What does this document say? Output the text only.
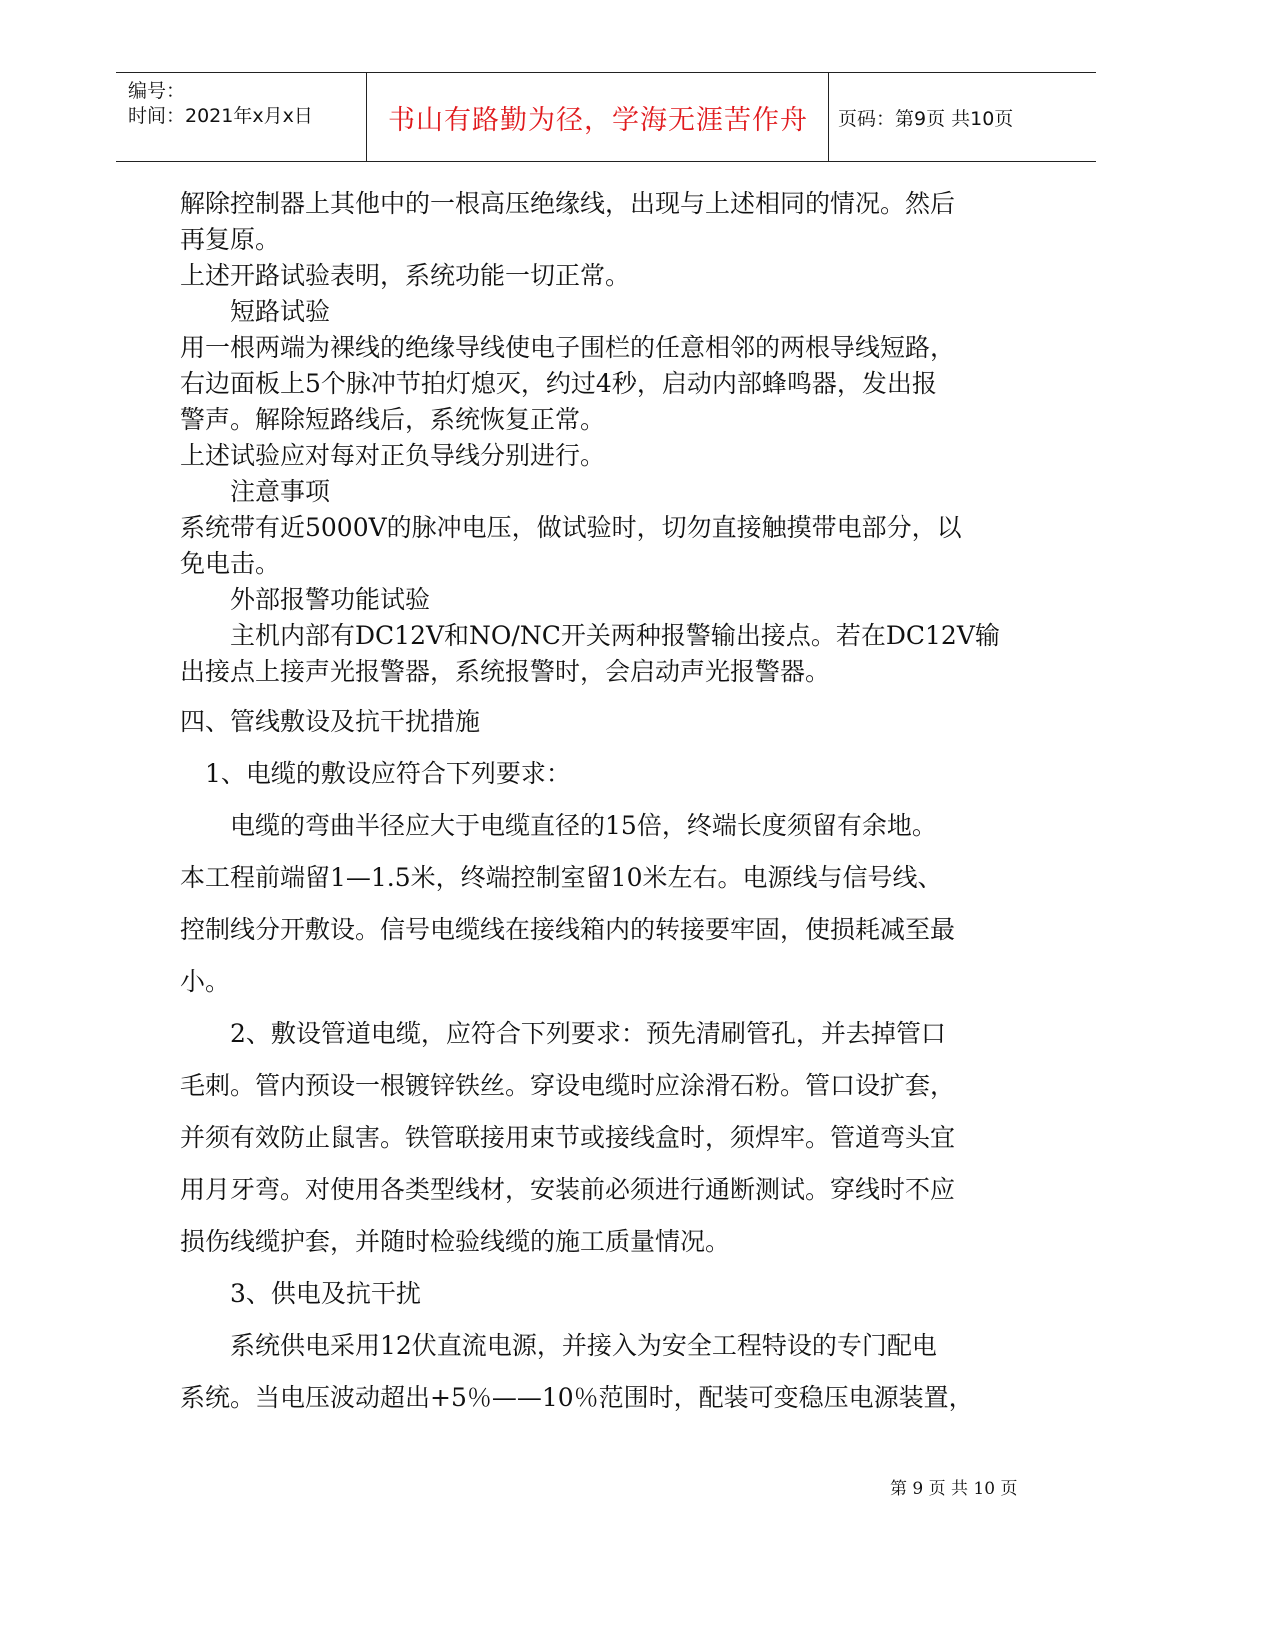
编号：
时间：2021年x月x日	书山有路勤为径，学海无涯苦作舟	页码：第9页 共10页
解除控制器上其他中的一根高压绝缘线，出现与上述相同的情况。然后
再复原。
上述开路试验表明，系统功能一切正常。
　　短路试验
用一根两端为裸线的绝缘导线使电子围栏的任意相邻的两根导线短路，
右边面板上5个脉冲节拍灯熄灭，约过4秒，启动内部蜂鸣器，发出报
警声。解除短路线后，系统恢复正常。
上述试验应对每对正负导线分别进行。
　　注意事项
系统带有近5000V的脉冲电压，做试验时，切勿直接触摸带电部分，以
免电击。
　　外部报警功能试验
　　主机内部有DC12V和NO/NC开关两种报警输出接点。若在DC12V输
出接点上接声光报警器，系统报警时，会启动声光报警器。
四、管线敷设及抗干扰措施
　1、电缆的敷设应符合下列要求：
　　电缆的弯曲半径应大于电缆直径的15倍，终端长度须留有余地。
本工程前端留1—1.5米，终端控制室留10米左右。电源线与信号线、
控制线分开敷设。信号电缆线在接线箱内的转接要牢固，使损耗减至最
小。
　　2、敷设管道电缆，应符合下列要求：预先清刷管孔，并去掉管口
毛刺。管内预设一根镀锌铁丝。穿设电缆时应涂滑石粉。管口设扩套，
并须有效防止鼠害。铁管联接用束节或接线盒时，须焊牢。管道弯头宜
用月牙弯。对使用各类型线材，安装前必须进行通断测试。穿线时不应
损伤线缆护套，并随时检验线缆的施工质量情况。
　　3、供电及抗干扰
　　系统供电采用12伏直流电源，并接入为安全工程特设的专门配电
系统。当电压波动超出+5％——10％范围时，配装可变稳压电源装置，
第 9 页 共 10 页
